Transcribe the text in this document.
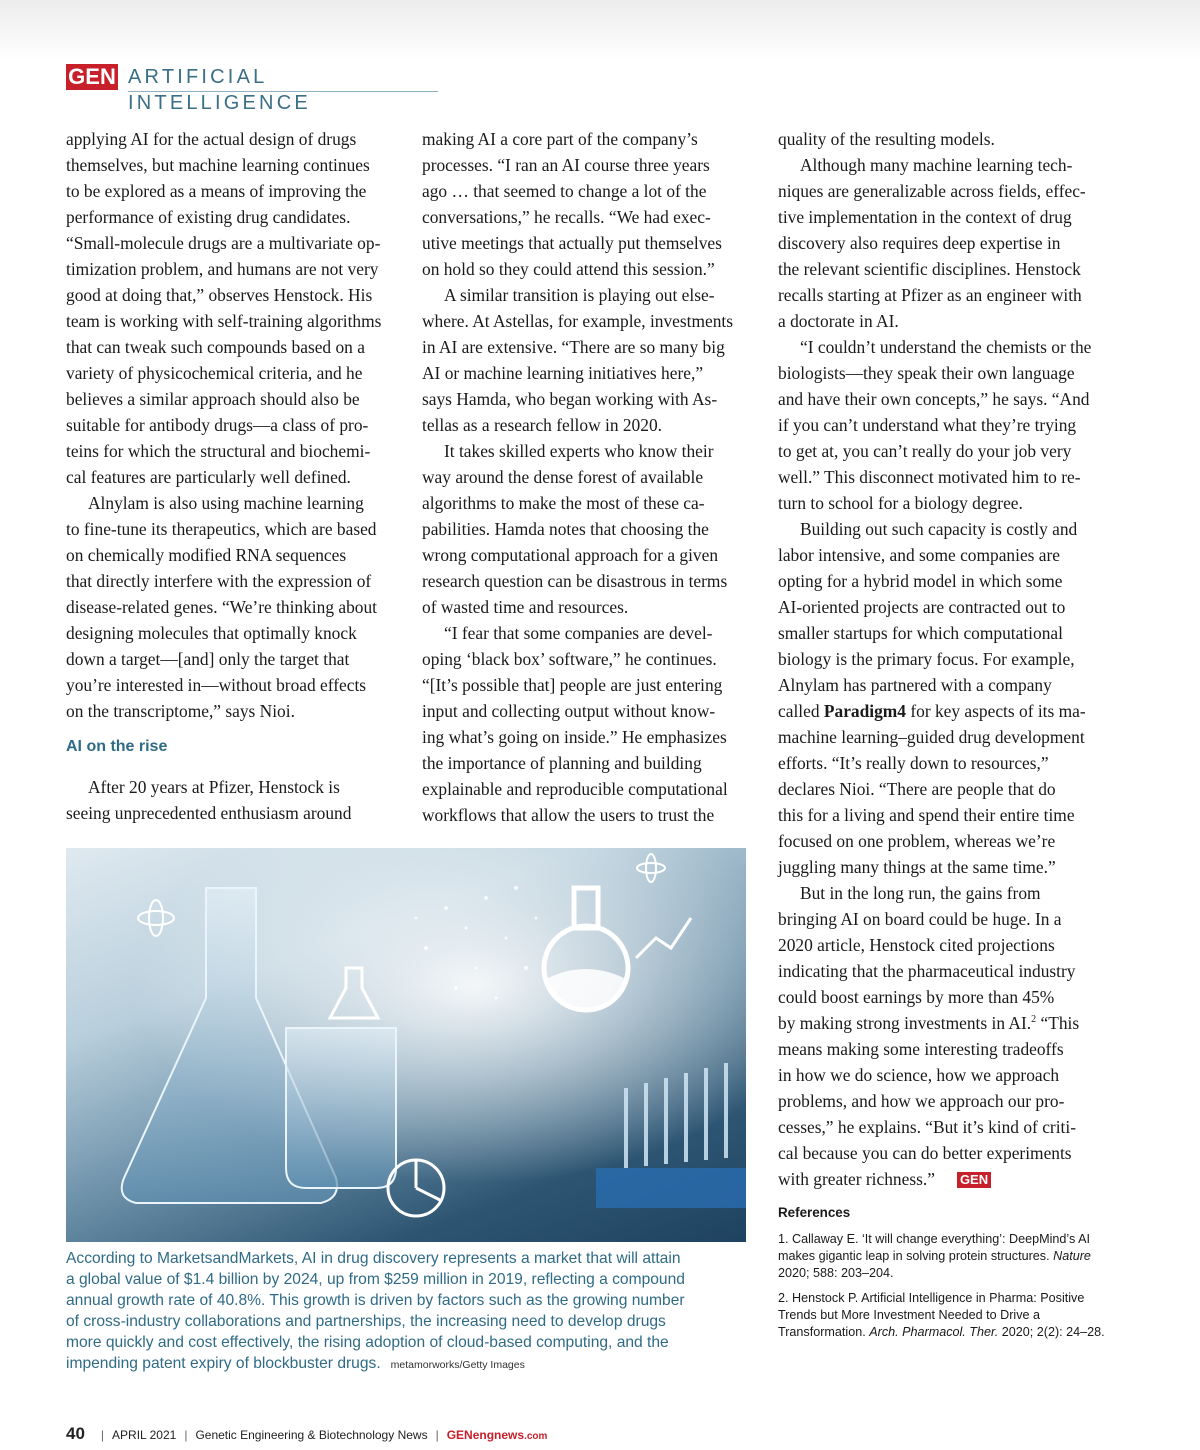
GEN ARTIFICIAL INTELLIGENCE

applying AI for the actual design of drugs

themselves, but machine learning continues

to be explored as a means of improving the

performance of existing drug candidates.

“Small-molecule drugs are a multivariate op-

timization problem, and humans are not very

good at doing that,” observes Henstock. His

team is working with self-training algorithms

that can tweak such compounds based on a

variety of physicochemical criteria, and he

believes a similar approach should also be

suitable for antibody drugs—a class of pro-

teins for which the structural and biochemi-

cal features are particularly well defined.

Alnylam is also using machine learning

to fine-tune its therapeutics, which are based

on chemically modified RNA sequences

that directly interfere with the expression of

disease-related genes. “We’re thinking about

designing molecules that optimally knock

down a target—[and] only the target that

you’re interested in—without broad effects

on the transcriptome,” says Nioi.

AI on the rise

After 20 years at Pfizer, Henstock is

seeing unprecedented enthusiasm around

making AI a core part of the company’s

processes. “I ran an AI course three years

ago … that seemed to change a lot of the

conversations,” he recalls. “We had exec-

utive meetings that actually put themselves

on hold so they could attend this session.”

A similar transition is playing out else-

where. At Astellas, for example, investments

in AI are extensive. “There are so many big

AI or machine learning initiatives here,”

says Hamda, who began working with As-

tellas as a research fellow in 2020.

It takes skilled experts who know their

way around the dense forest of available

algorithms to make the most of these ca-

pabilities. Hamda notes that choosing the

wrong computational approach for a given

research question can be disastrous in terms

of wasted time and resources.

“I fear that some companies are devel-

oping ‘black box’ software,” he continues.

“[It’s possible that] people are just entering

input and collecting output without know-

ing what’s going on inside.” He emphasizes

the importance of planning and building

explainable and reproducible computational

workflows that allow the users to trust the

quality of the resulting models.

Although many machine learning tech-

niques are generalizable across fields, effec-

tive implementation in the context of drug

discovery also requires deep expertise in

the relevant scientific disciplines. Henstock

recalls starting at Pfizer as an engineer with

a doctorate in AI.

“I couldn’t understand the chemists or the

biologists—they speak their own language

and have their own concepts,” he says. “And

if you can’t understand what they’re trying

to get at, you can’t really do your job very

well.” This disconnect motivated him to re-

turn to school for a biology degree.

Building out such capacity is costly and

labor intensive, and some companies are

opting for a hybrid model in which some

AI-oriented projects are contracted out to

smaller startups for which computational

biology is the primary focus. For example,

Alnylam has partnered with a company

called Paradigm4 for key aspects of its ma-

machine learning–guided drug development

efforts. “It’s really down to resources,”

declares Nioi. “There are people that do

this for a living and spend their entire time

focused on one problem, whereas we’re

juggling many things at the same time.”

But in the long run, the gains from

bringing AI on board could be huge. In a

2020 article, Henstock cited projections

indicating that the pharmaceutical industry

could boost earnings by more than 45%

by making strong investments in AI.$^2$ “This

means making some interesting tradeoffs

in how we do science, how we approach

problems, and how we approach our pro-

cesses,” he explains. “But it’s kind of criti-

cal because you can do better experiments

with greater richness.” GEN

References
1. Callaway E. ‘It will change everything’: DeepMind’s AI makes gigantic leap in solving protein structures. Nature 2020; 588: 203–204.
2. Henstock P. Artificial Intelligence in Pharma: Positive Trends but More Investment Needed to Drive a Transformation. Arch. Pharmacol. Ther. 2020; 2(2): 24–28.
According to MarketsandMarkets, AI in drug discovery represents a market that will attain
a global value of $1.4 billion by 2024, up from $259 million in 2019, reflecting a compound
annual growth rate of 40.8%. This growth is driven by factors such as the growing number
of cross-industry collaborations and partnerships, the increasing need to develop drugs
more quickly and cost effectively, the rising adoption of cloud-based computing, and the
impending patent expiry of blockbuster drugs. metamorworks/Getty Images
40 | APRIL 2021 | Genetic Engineering & Biotechnology News | GENengnews.com
